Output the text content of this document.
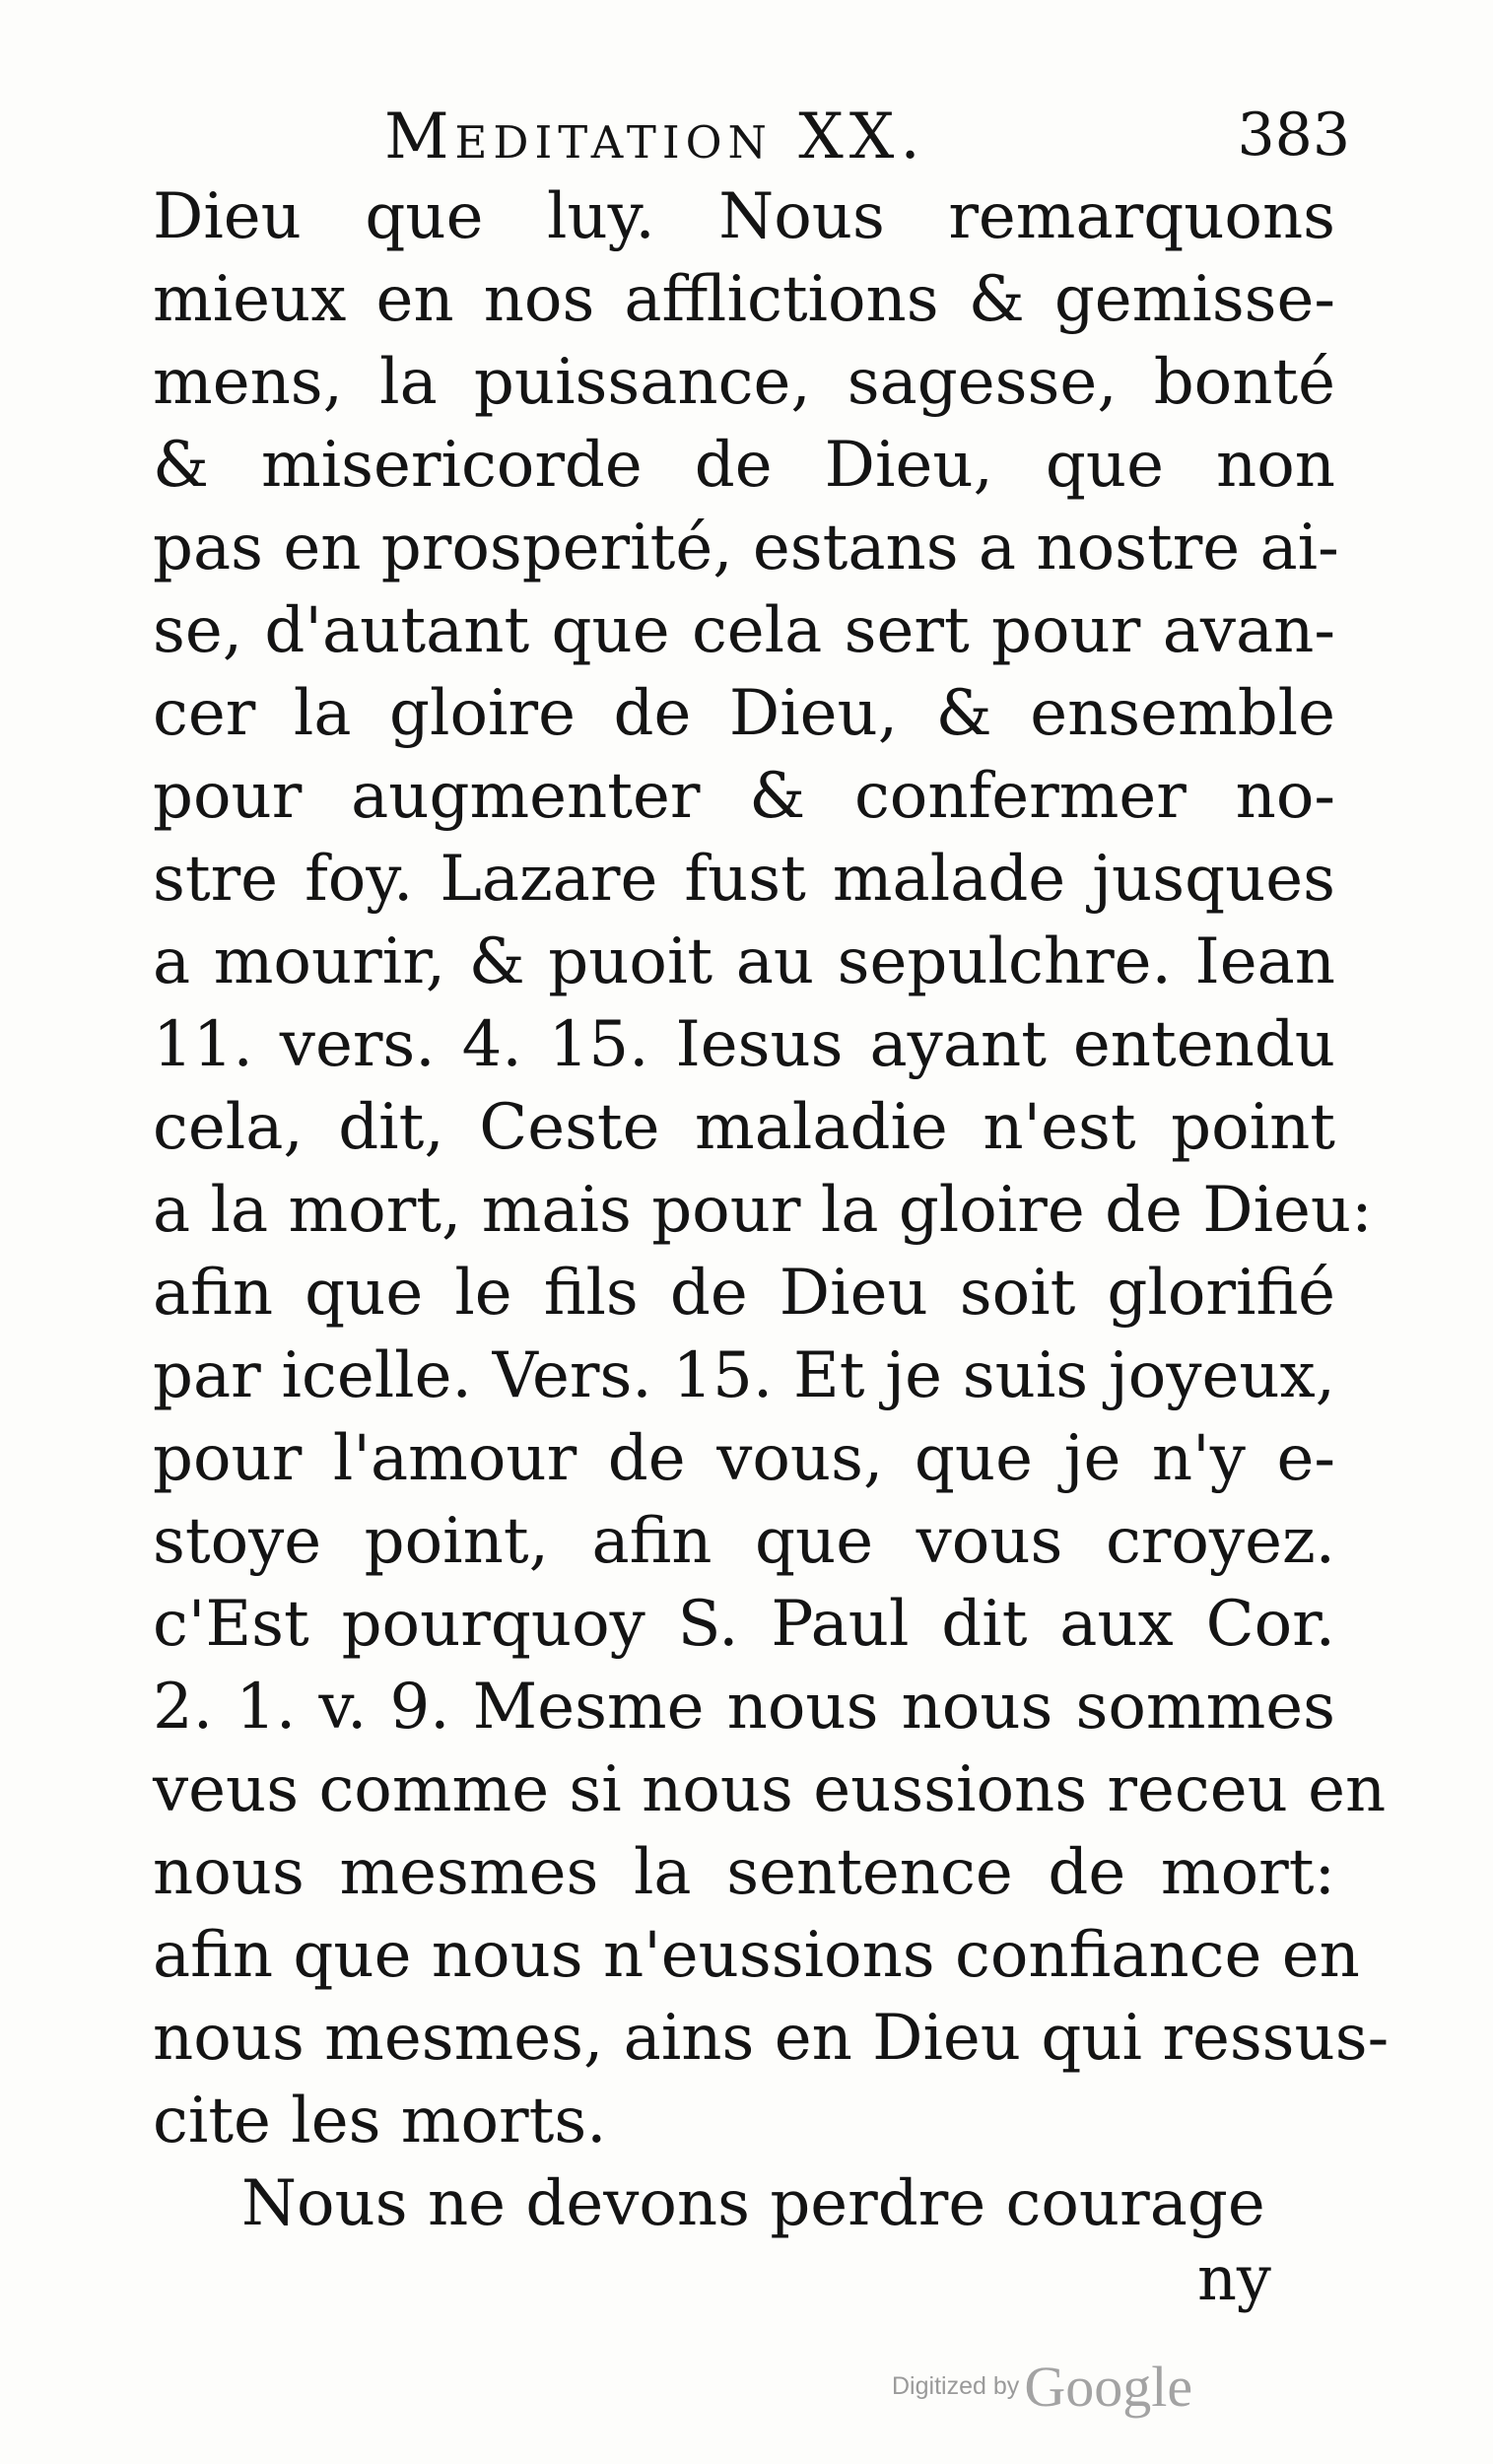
Meditation XX.	383
Dieu que luy. Nous remarquons
mieux en nos afflictions & gemisse-
mens, la puissance, sagesse, bonté
& misericorde de Dieu, que non
pas en prosperité, estans a nostre ai-
se, d'autant que cela sert pour avan-
cer la gloire de Dieu, & ensemble
pour augmenter & confermer no-
stre foy. Lazare fust malade jusques
a mourir, & puoit au sepulchre. Iean
11. vers. 4. 15. Iesus ayant entendu
cela, dit, Ceste maladie n'est point
a la mort, mais pour la gloire de Dieu:
afin que le fils de Dieu soit glorifié
par icelle. Vers. 15. Et je suis joyeux,
pour l'amour de vous, que je n'y e-
stoye point, afin que vous croyez.
c'Est pourquoy S. Paul dit aux Cor.
2. 1. v. 9. Mesme nous nous sommes
veus comme si nous eussions receu en
nous mesmes la sentence de mort:
afin que nous n'eussions confiance en
nous mesmes, ains en Dieu qui ressus-
cite les morts.
Nous ne devons perdre courage
ny
Digitized by Google
